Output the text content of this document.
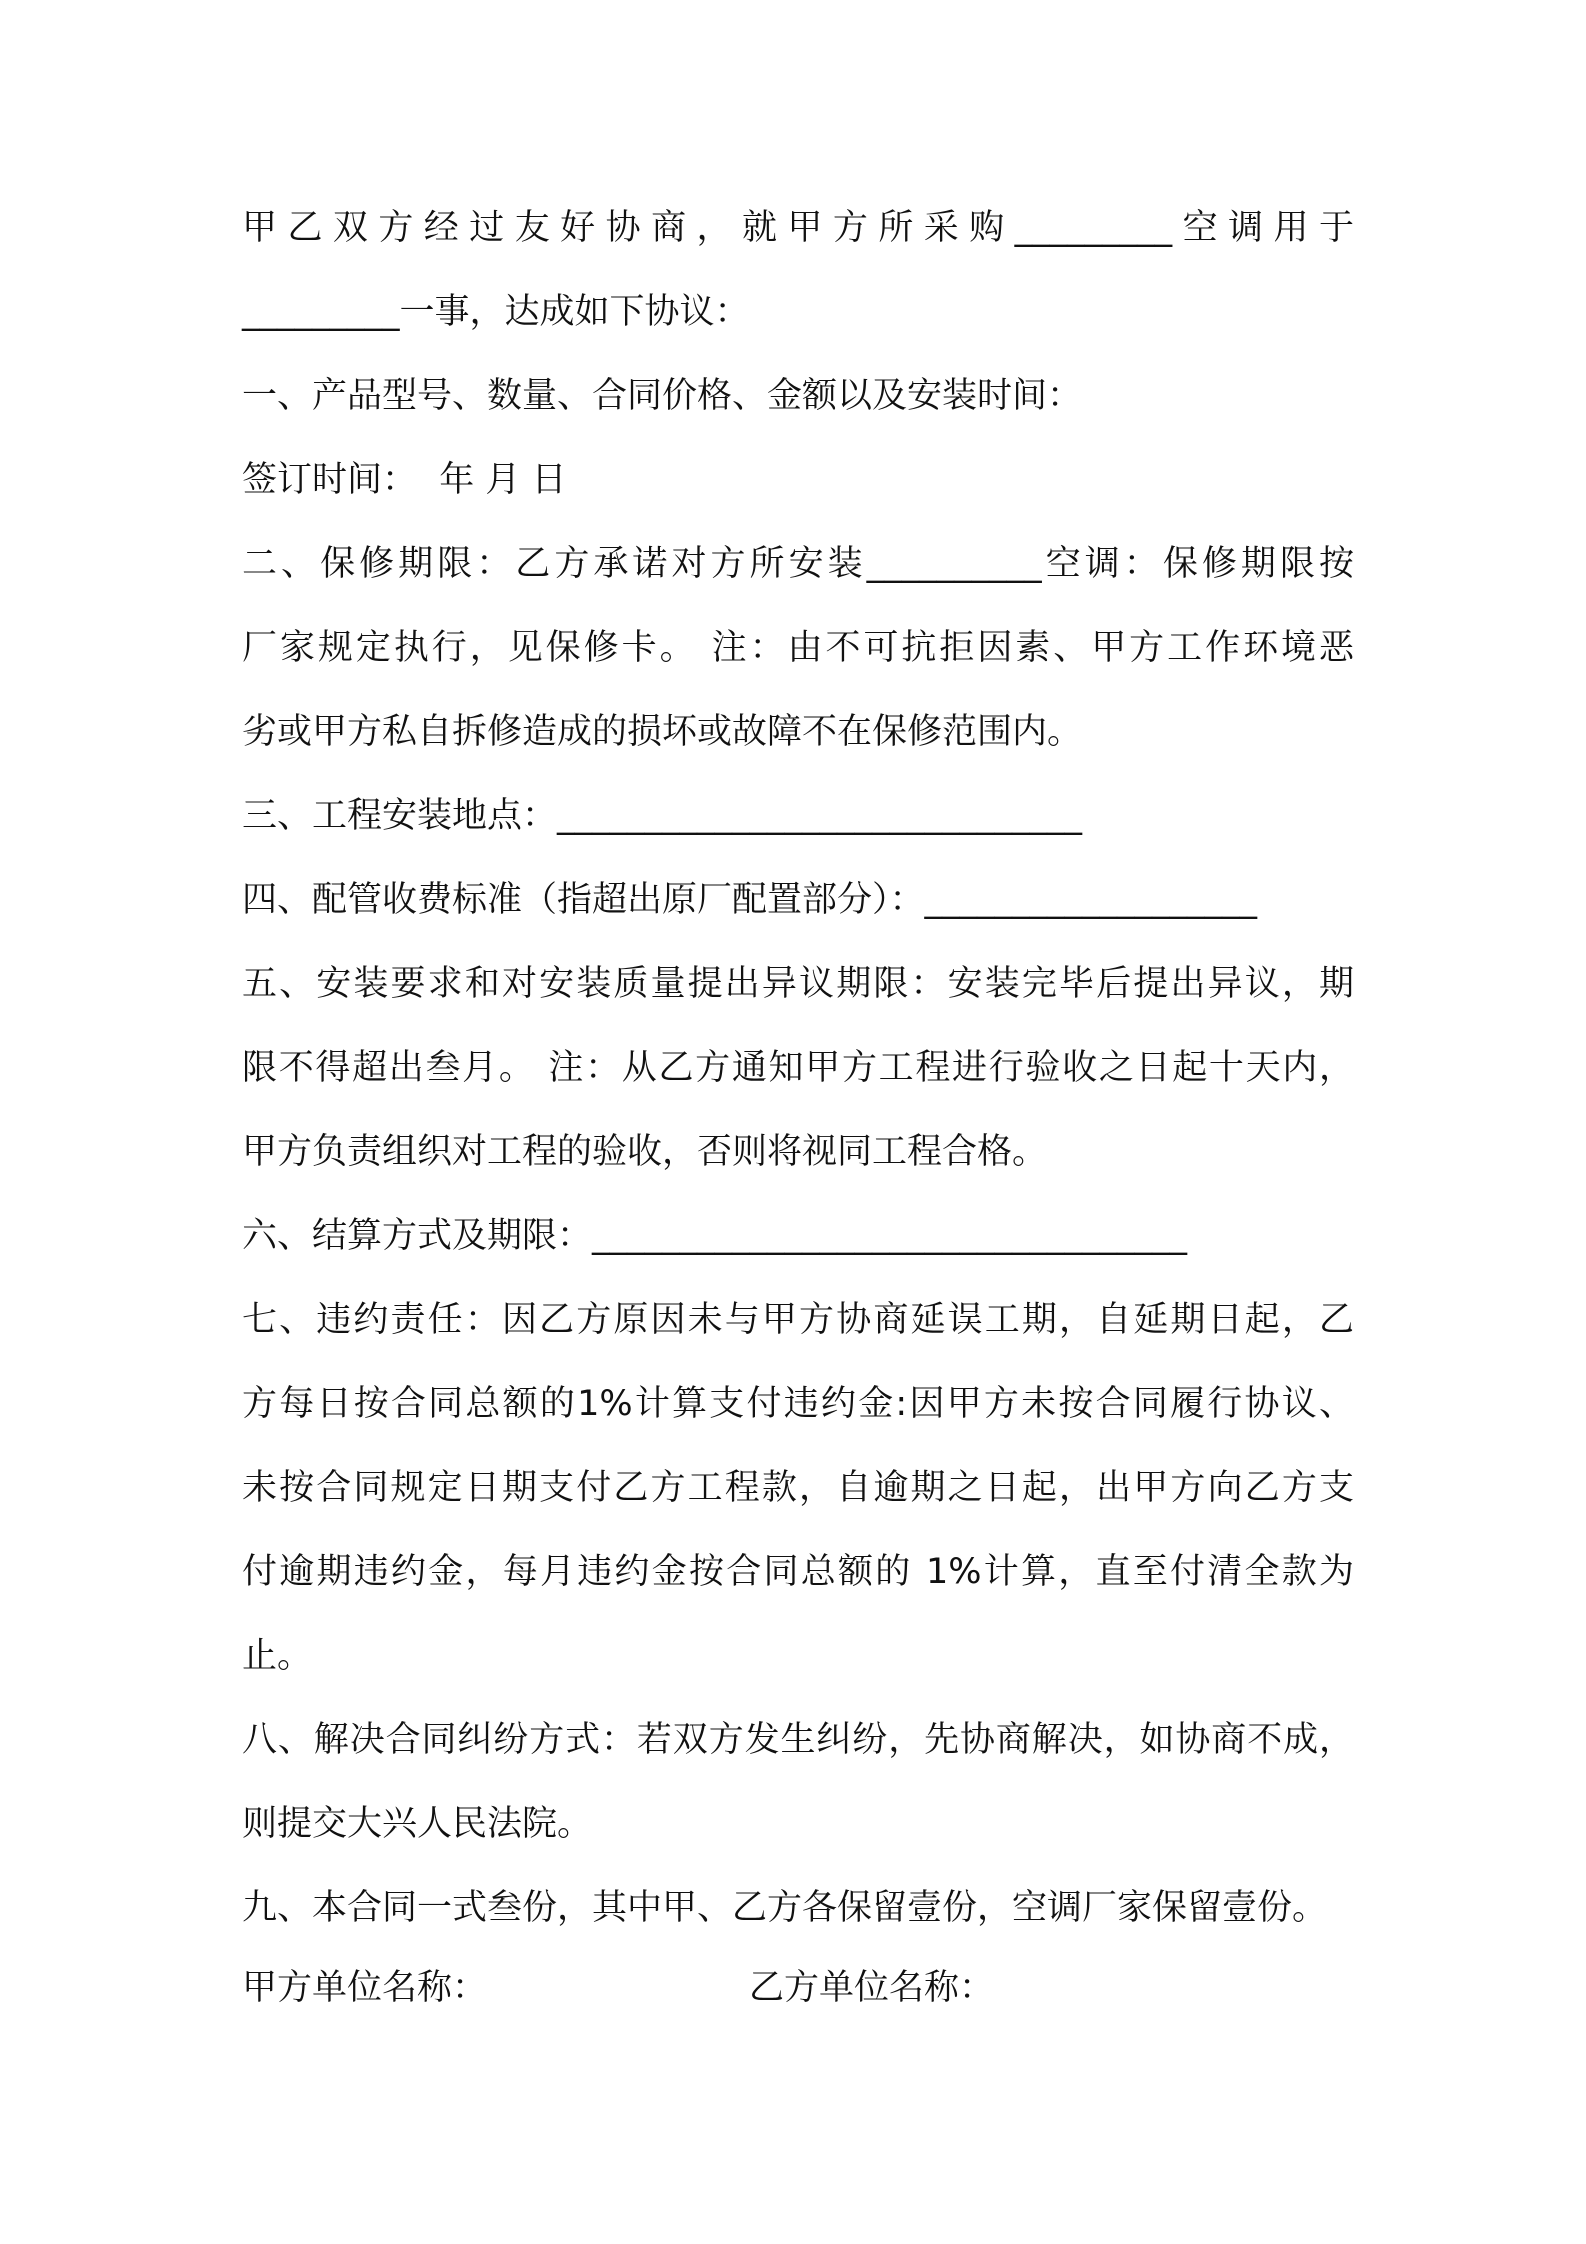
甲乙双方经过友好协商，就甲方所采购_________空调用于
_________一事，达成如下协议：
一、产品型号、数量、合同价格、金额以及安装时间：
签订时间：  年 月 日
二、保修期限：乙方承诺对方所安装__________空调：保修期限按
厂家规定执行，见保修卡。 注：由不可抗拒因素、甲方工作环境恶
劣或甲方私自拆修造成的损坏或故障不在保修范围内。
三、工程安装地点：______________________________
四、配管收费标准（指超出原厂配置部分）：___________________
五、安装要求和对安装质量提出异议期限：安装完毕后提出异议，期
限不得超出叁月。 注：从乙方通知甲方工程进行验收之日起十天内，
甲方负责组织对工程的验收，否则将视同工程合格。
六、结算方式及期限：__________________________________
七、违约责任：因乙方原因未与甲方协商延误工期，自延期日起，乙
方每日按合同总额的1%计算支付违约金:因甲方未按合同履行协议、
未按合同规定日期支付乙方工程款，自逾期之日起，出甲方向乙方支
付逾期违约金，每月违约金按合同总额的 1%计算，直至付清全款为
止。
八、解决合同纠纷方式：若双方发生纠纷，先协商解决，如协商不成，
则提交大兴人民法院。
九、本合同一式叁份，其中甲、乙方各保留壹份，空调厂家保留壹份。
甲方单位名称：	乙方单位名称：
